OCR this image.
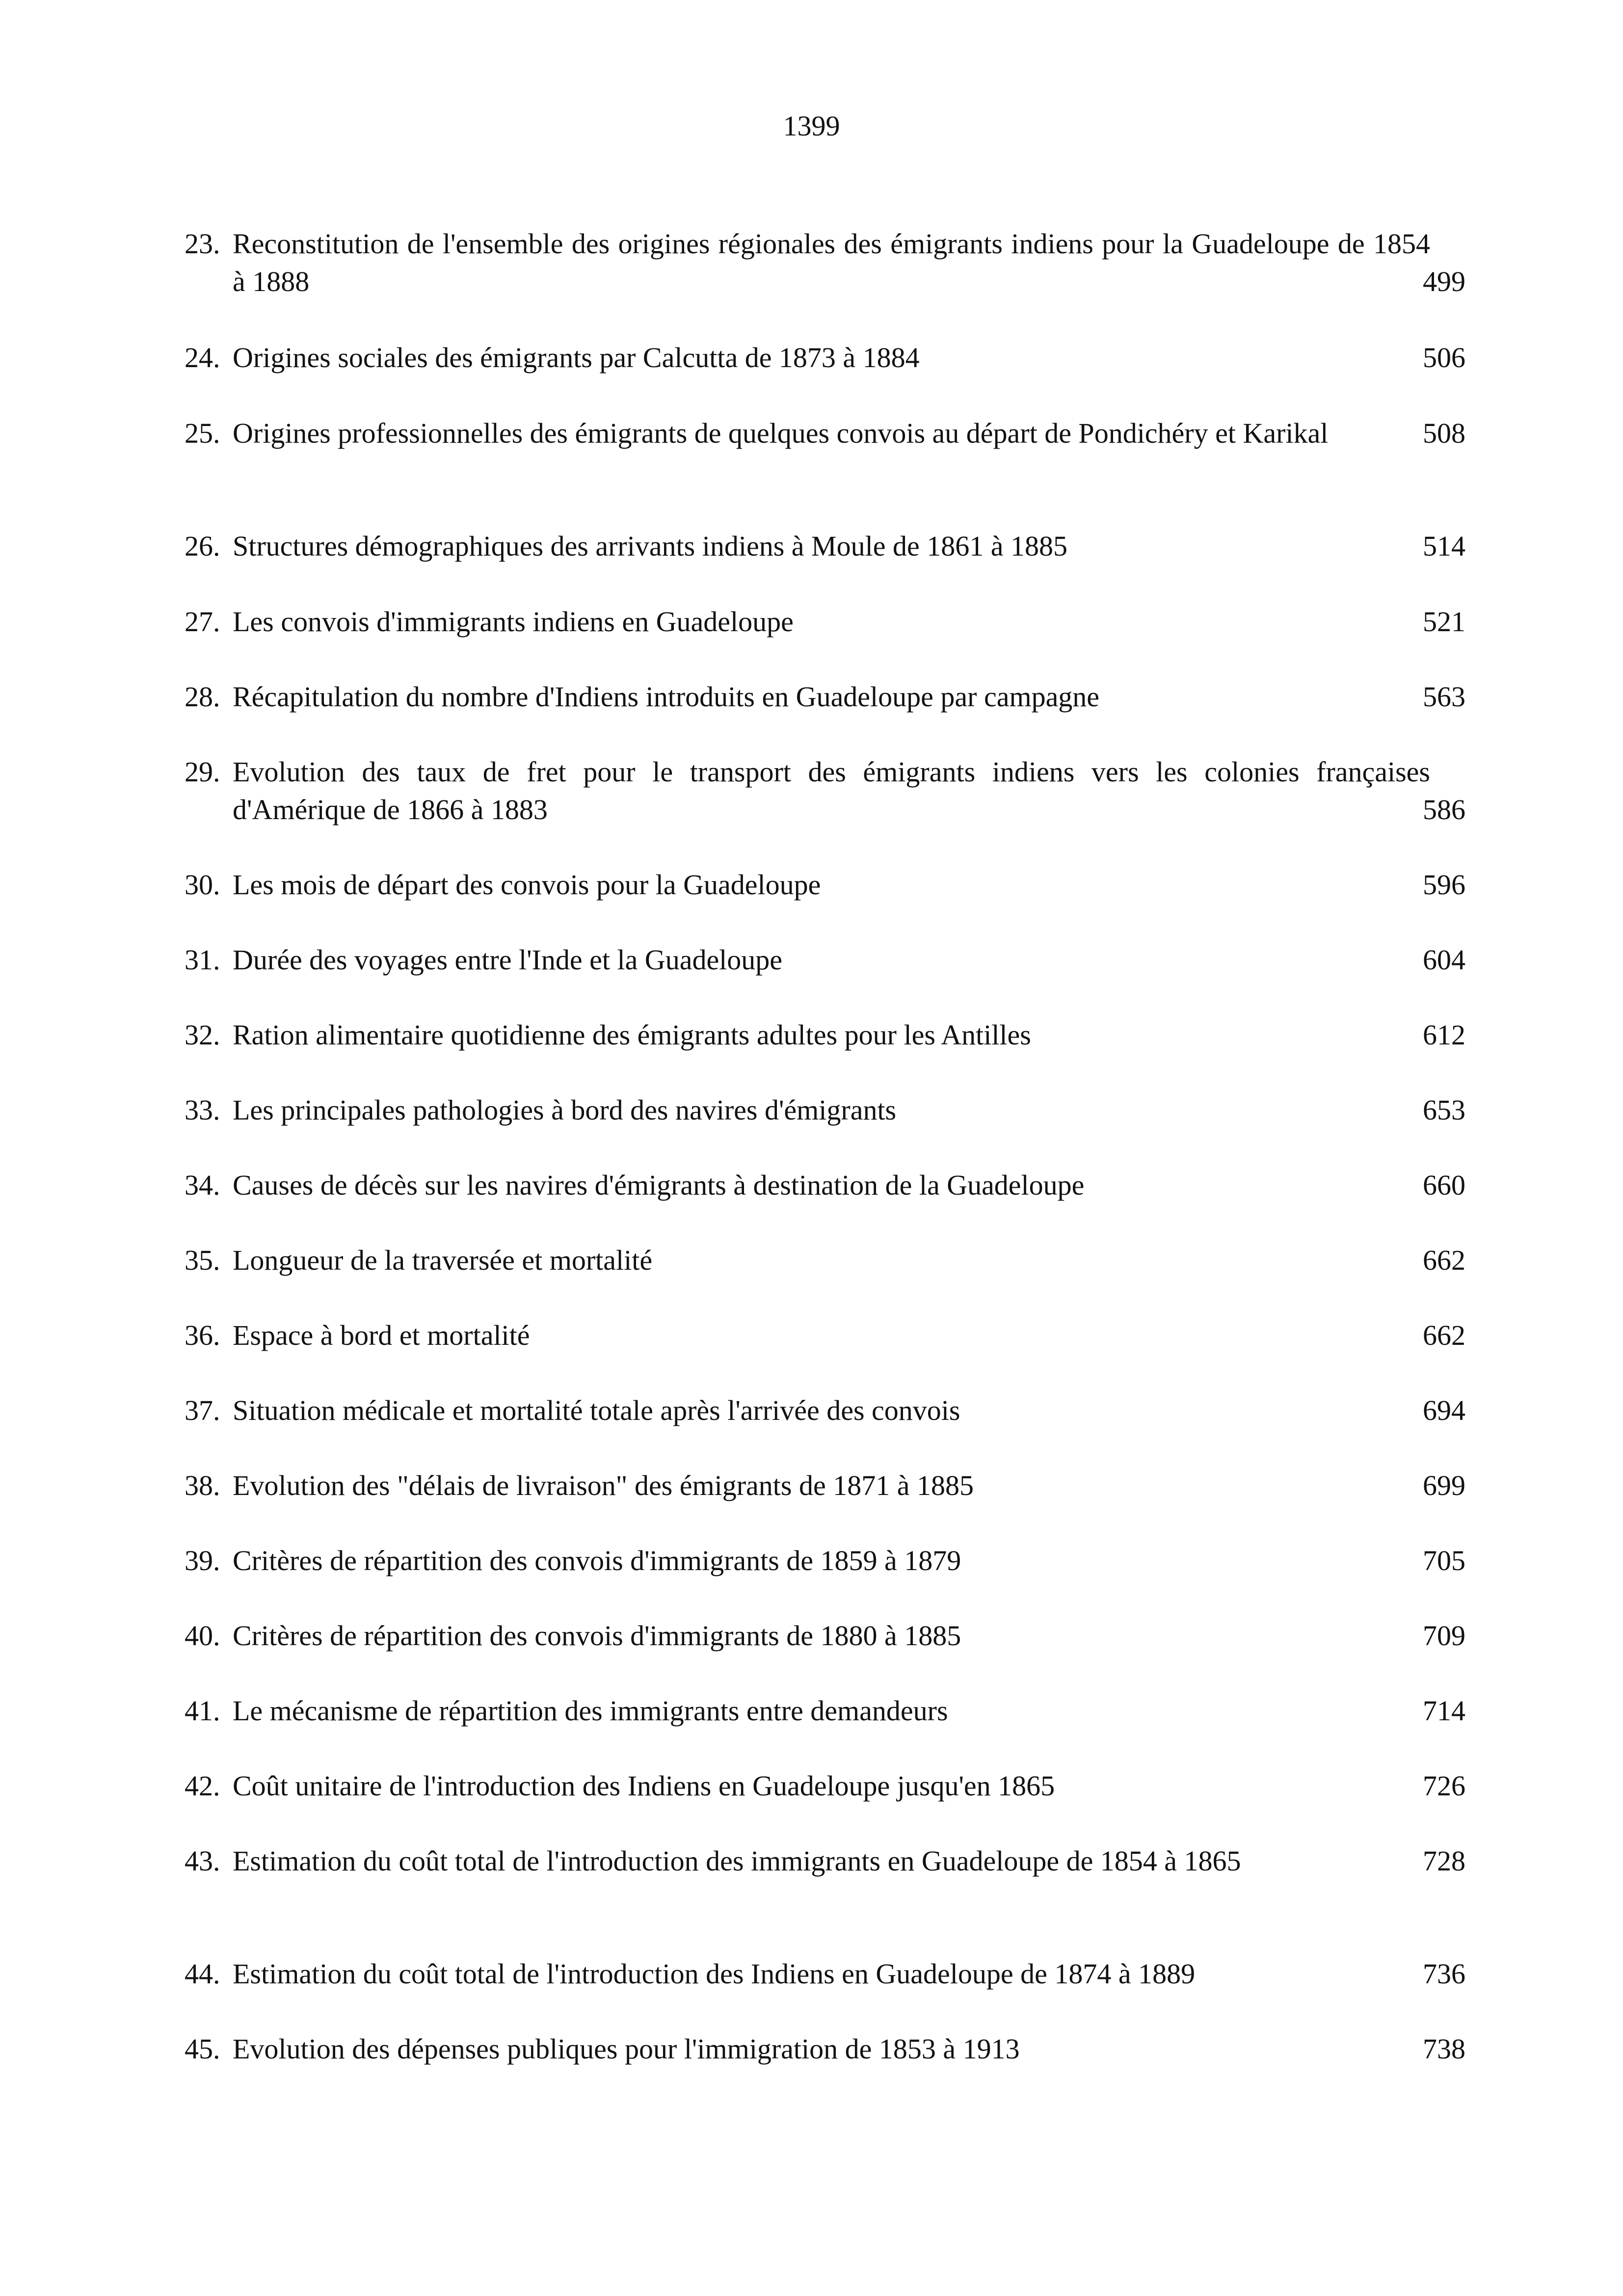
1399
23. Reconstitution de l'ensemble des origines régionales des émigrants indiens pour la Guadeloupe de 1854 à 1888	499
24. Origines sociales des émigrants par Calcutta de 1873 à 1884	506
25. Origines professionnelles des émigrants de quelques convois au départ de Pondichéry et Karikal	508
26. Structures démographiques des arrivants indiens à Moule de 1861 à 1885	514
27. Les convois d'immigrants indiens en Guadeloupe	521
28. Récapitulation du nombre d'Indiens introduits en Guadeloupe par campagne	563
29. Evolution des taux de fret pour le transport des émigrants indiens vers les colonies françaises d'Amérique de 1866 à 1883	586
30. Les mois de départ des convois pour la Guadeloupe	596
31. Durée des voyages entre l'Inde et la Guadeloupe	604
32. Ration alimentaire quotidienne des émigrants adultes pour les Antilles	612
33. Les principales pathologies à bord des navires d'émigrants	653
34. Causes de décès sur les navires d'émigrants à destination de la Guadeloupe	660
35. Longueur de la traversée et mortalité	662
36. Espace à bord et mortalité	662
37. Situation médicale et mortalité totale après l'arrivée des convois	694
38. Evolution des "délais de livraison" des émigrants de 1871 à 1885	699
39. Critères de répartition des convois d'immigrants de 1859 à 1879	705
40. Critères de répartition des convois d'immigrants de 1880 à 1885	709
41. Le mécanisme de répartition des immigrants entre demandeurs	714
42. Coût unitaire de l'introduction des Indiens en Guadeloupe jusqu'en 1865	726
43. Estimation du coût total de l'introduction des immigrants en Guadeloupe de 1854 à 1865	728
44. Estimation du coût total de l'introduction des Indiens en Guadeloupe de 1874 à 1889	736
45. Evolution des dépenses publiques pour l'immigration de 1853 à 1913	738
